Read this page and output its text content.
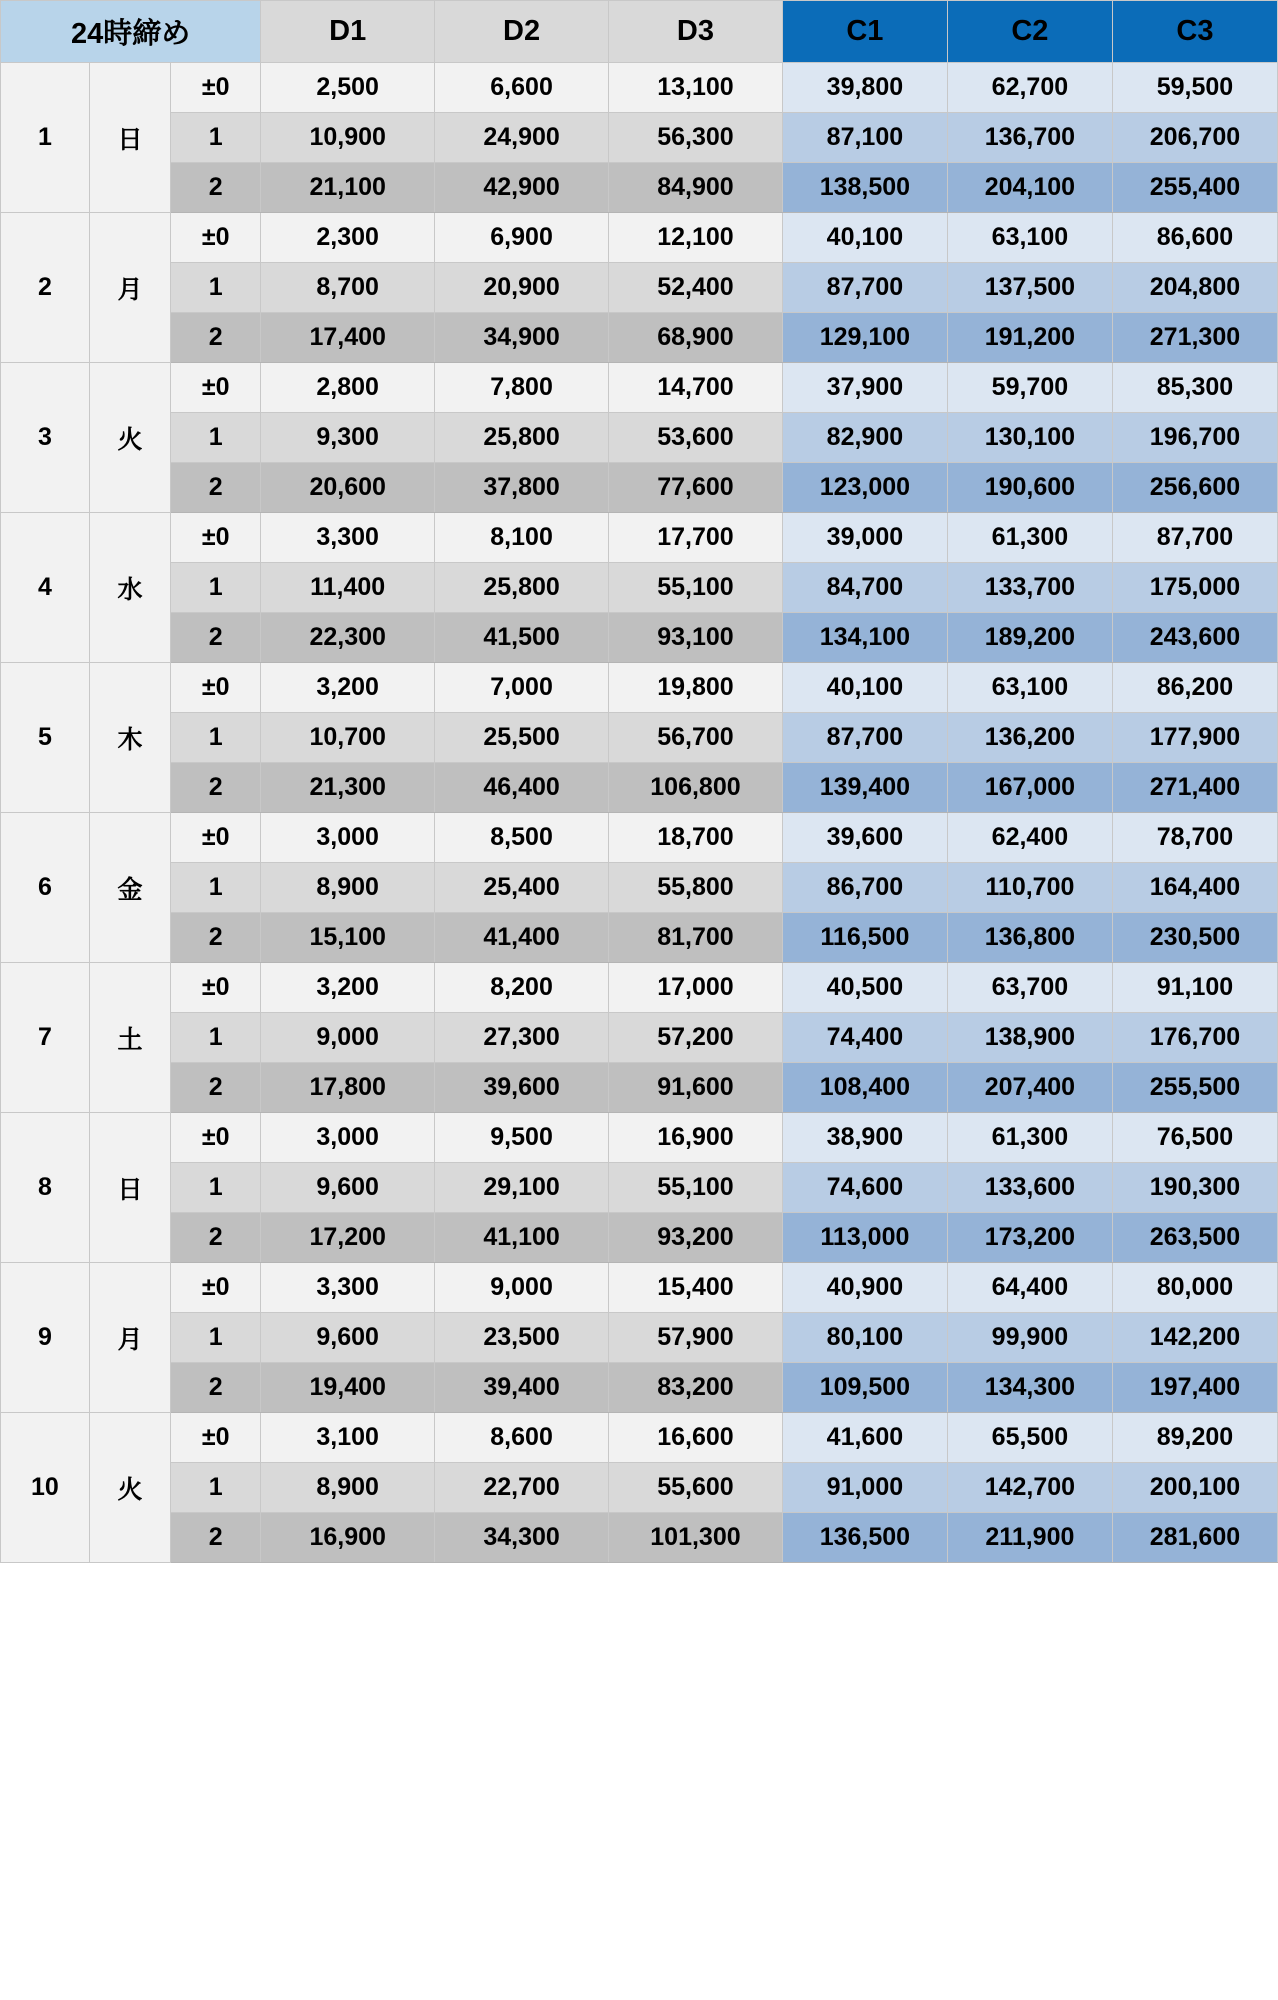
24時締め			D1	D2	D3	C1	C2	C3
1	日	±0	2,500	6,600	13,100	39,800	62,700	59,500
		1	10,900	24,900	56,300	87,100	136,700	206,700
		2	21,100	42,900	84,900	138,500	204,100	255,400
2	月	±0	2,300	6,900	12,100	40,100	63,100	86,600
		1	8,700	20,900	52,400	87,700	137,500	204,800
		2	17,400	34,900	68,900	129,100	191,200	271,300
3	火	±0	2,800	7,800	14,700	37,900	59,700	85,300
		1	9,300	25,800	53,600	82,900	130,100	196,700
		2	20,600	37,800	77,600	123,000	190,600	256,600
4	水	±0	3,300	8,100	17,700	39,000	61,300	87,700
		1	11,400	25,800	55,100	84,700	133,700	175,000
		2	22,300	41,500	93,100	134,100	189,200	243,600
5	木	±0	3,200	7,000	19,800	40,100	63,100	86,200
		1	10,700	25,500	56,700	87,700	136,200	177,900
		2	21,300	46,400	106,800	139,400	167,000	271,400
6	金	±0	3,000	8,500	18,700	39,600	62,400	78,700
		1	8,900	25,400	55,800	86,700	110,700	164,400
		2	15,100	41,400	81,700	116,500	136,800	230,500
7	土	±0	3,200	8,200	17,000	40,500	63,700	91,100
		1	9,000	27,300	57,200	74,400	138,900	176,700
		2	17,800	39,600	91,600	108,400	207,400	255,500
8	日	±0	3,000	9,500	16,900	38,900	61,300	76,500
		1	9,600	29,100	55,100	74,600	133,600	190,300
		2	17,200	41,100	93,200	113,000	173,200	263,500
9	月	±0	3,300	9,000	15,400	40,900	64,400	80,000
		1	9,600	23,500	57,900	80,100	99,900	142,200
		2	19,400	39,400	83,200	109,500	134,300	197,400
10	火	±0	3,100	8,600	16,600	41,600	65,500	89,200
		1	8,900	22,700	55,600	91,000	142,700	200,100
		2	16,900	34,300	101,300	136,500	211,900	281,600
